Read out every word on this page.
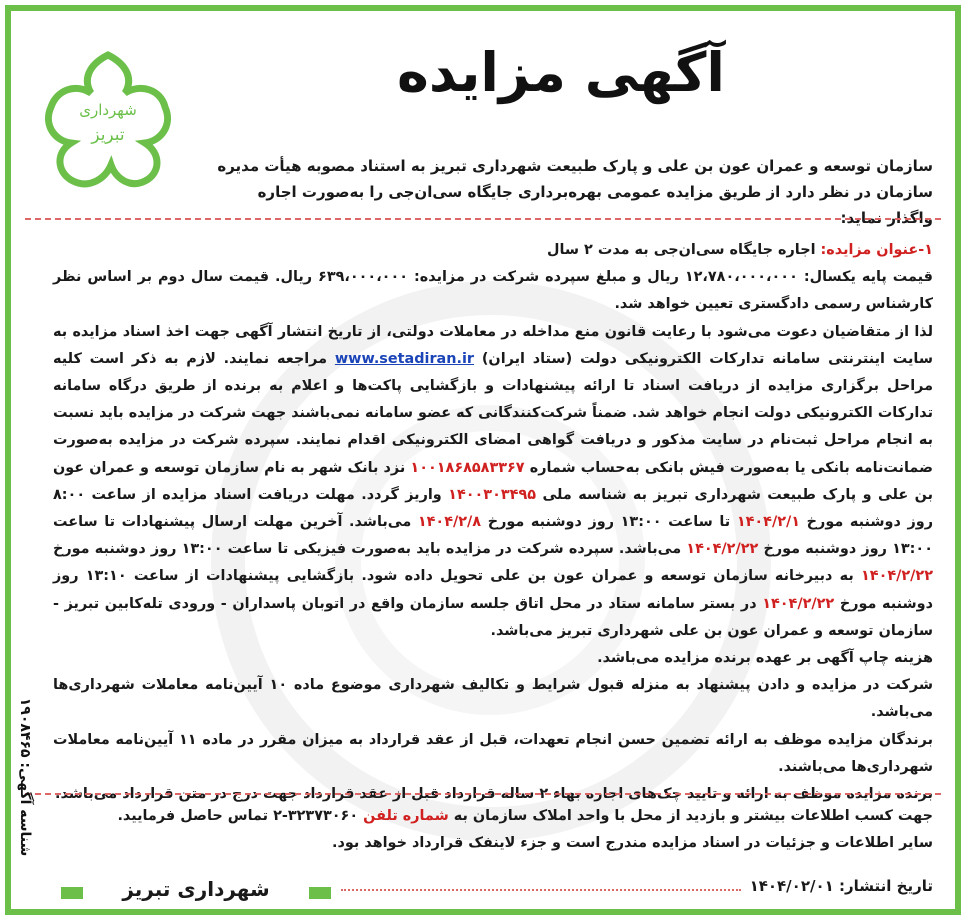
شهرداری
تبریز
آگهی مزایده
سازمان توسعه و عمران عون بن علی و پارک طبیعت شهرداری تبریز به استناد مصوبه هیأت مدیره سازمان در نظر دارد از طریق مزایده عمومی بهره‌برداری جایگاه سی‌ان‌جی را به‌صورت اجاره واگذار نماید:

۱-عنوان مزایده: اجاره جایگاه سی‌ان‌جی به مدت ۲ سال

قیمت پایه یکسال: ۱۲،۷۸۰،۰۰۰،۰۰۰ ریال و مبلغ سپرده شرکت در مزایده: ۶۳۹،۰۰۰،۰۰۰ ریال. قیمت سال دوم بر اساس نظر کارشناس رسمی دادگستری تعیین خواهد شد.

لذا از متقاضیان دعوت می‌شود با رعایت قانون منع مداخله در معاملات دولتی، از تاریخ انتشار آگهی جهت اخذ اسناد مزایده به سایت اینترنتی سامانه تدارکات الکترونیکی دولت (ستاد ایران) www.setadiran.ir مراجعه نمایند. لازم به ذکر است کلیه مراحل برگزاری مزایده از دریافت اسناد تا ارائه پیشنهادات و بازگشایی پاکت‌ها و اعلام به برنده از طریق درگاه سامانه تدارکات الکترونیکی دولت انجام خواهد شد. ضمناً شرکت‌کنندگانی که عضو سامانه نمی‌باشند جهت شرکت در مزایده باید نسبت به انجام مراحل ثبت‌نام در سایت مذکور و دریافت گواهی امضای الکترونیکی اقدام نمایند. سپرده شرکت در مزایده به‌صورت ضمانت‌نامه بانکی یا به‌صورت فیش بانکی به‌حساب شماره ۱۰۰۱۸۶۸۵۸۳۳۶۷ نزد بانک شهر به نام سازمان توسعه و عمران عون بن علی و پارک طبیعت شهرداری تبریز به شناسه ملی ۱۴۰۰۳۰۳۴۹۵ واریز گردد. مهلت دریافت اسناد مزایده از ساعت ۸:۰۰ روز دوشنبه مورخ ۱۴۰۴/۲/۱ تا ساعت ۱۳:۰۰ روز دوشنبه مورخ ۱۴۰۴/۲/۸ می‌باشد. آخرین مهلت ارسال پیشنهادات تا ساعت ۱۳:۰۰ روز دوشنبه مورخ ۱۴۰۴/۲/۲۲ می‌باشد. سپرده شرکت در مزایده باید به‌صورت فیزیکی تا ساعت ۱۳:۰۰ روز دوشنبه مورخ ۱۴۰۴/۲/۲۲ به دبیرخانه سازمان توسعه و عمران عون بن علی تحویل داده شود. بازگشایی پیشنهادات از ساعت ۱۳:۱۰ روز دوشنبه مورخ ۱۴۰۴/۲/۲۲ در بستر سامانه ستاد در محل اتاق جلسه سازمان واقع در اتوبان پاسداران - ورودی تله‌کابین تبریز - سازمان توسعه و عمران عون بن علی شهرداری تبریز می‌باشد.

هزینه چاپ آگهی بر عهده برنده مزایده می‌باشد.

شرکت در مزایده و دادن پیشنهاد به منزله قبول شرایط و تکالیف شهرداری موضوع ماده ۱۰ آیین‌نامه معاملات شهرداری‌ها می‌باشد.

برندگان مزایده موظف به ارائه تضمین حسن انجام تعهدات، قبل از عقد قرارداد به میزان مقرر در ماده ۱۱ آیین‌نامه معاملات شهرداری‌ها می‌باشند.

برنده مزایده موظف به ارائه و تایید چک‌های اجاره بهاء ۲ ساله قرارداد قبل از عقد قرارداد جهت درج در متن قرارداد می‌باشد.

جهت کسب اطلاعات بیشتر و بازدید از محل با واحد املاک سازمان به شماره تلفن ۳۲۳۷۳۰۶۰-۲ تماس حاصل فرمایید.
سایر اطلاعات و جزئیات در اسناد مزایده مندرج است و جزء لاینفک قرارداد خواهد بود.
شناسه آگهی: ۱۹۰۸۴۶۵
تاریخ انتشار: ۱۴۰۴/۰۲/۰۱
شهرداری تبریز
